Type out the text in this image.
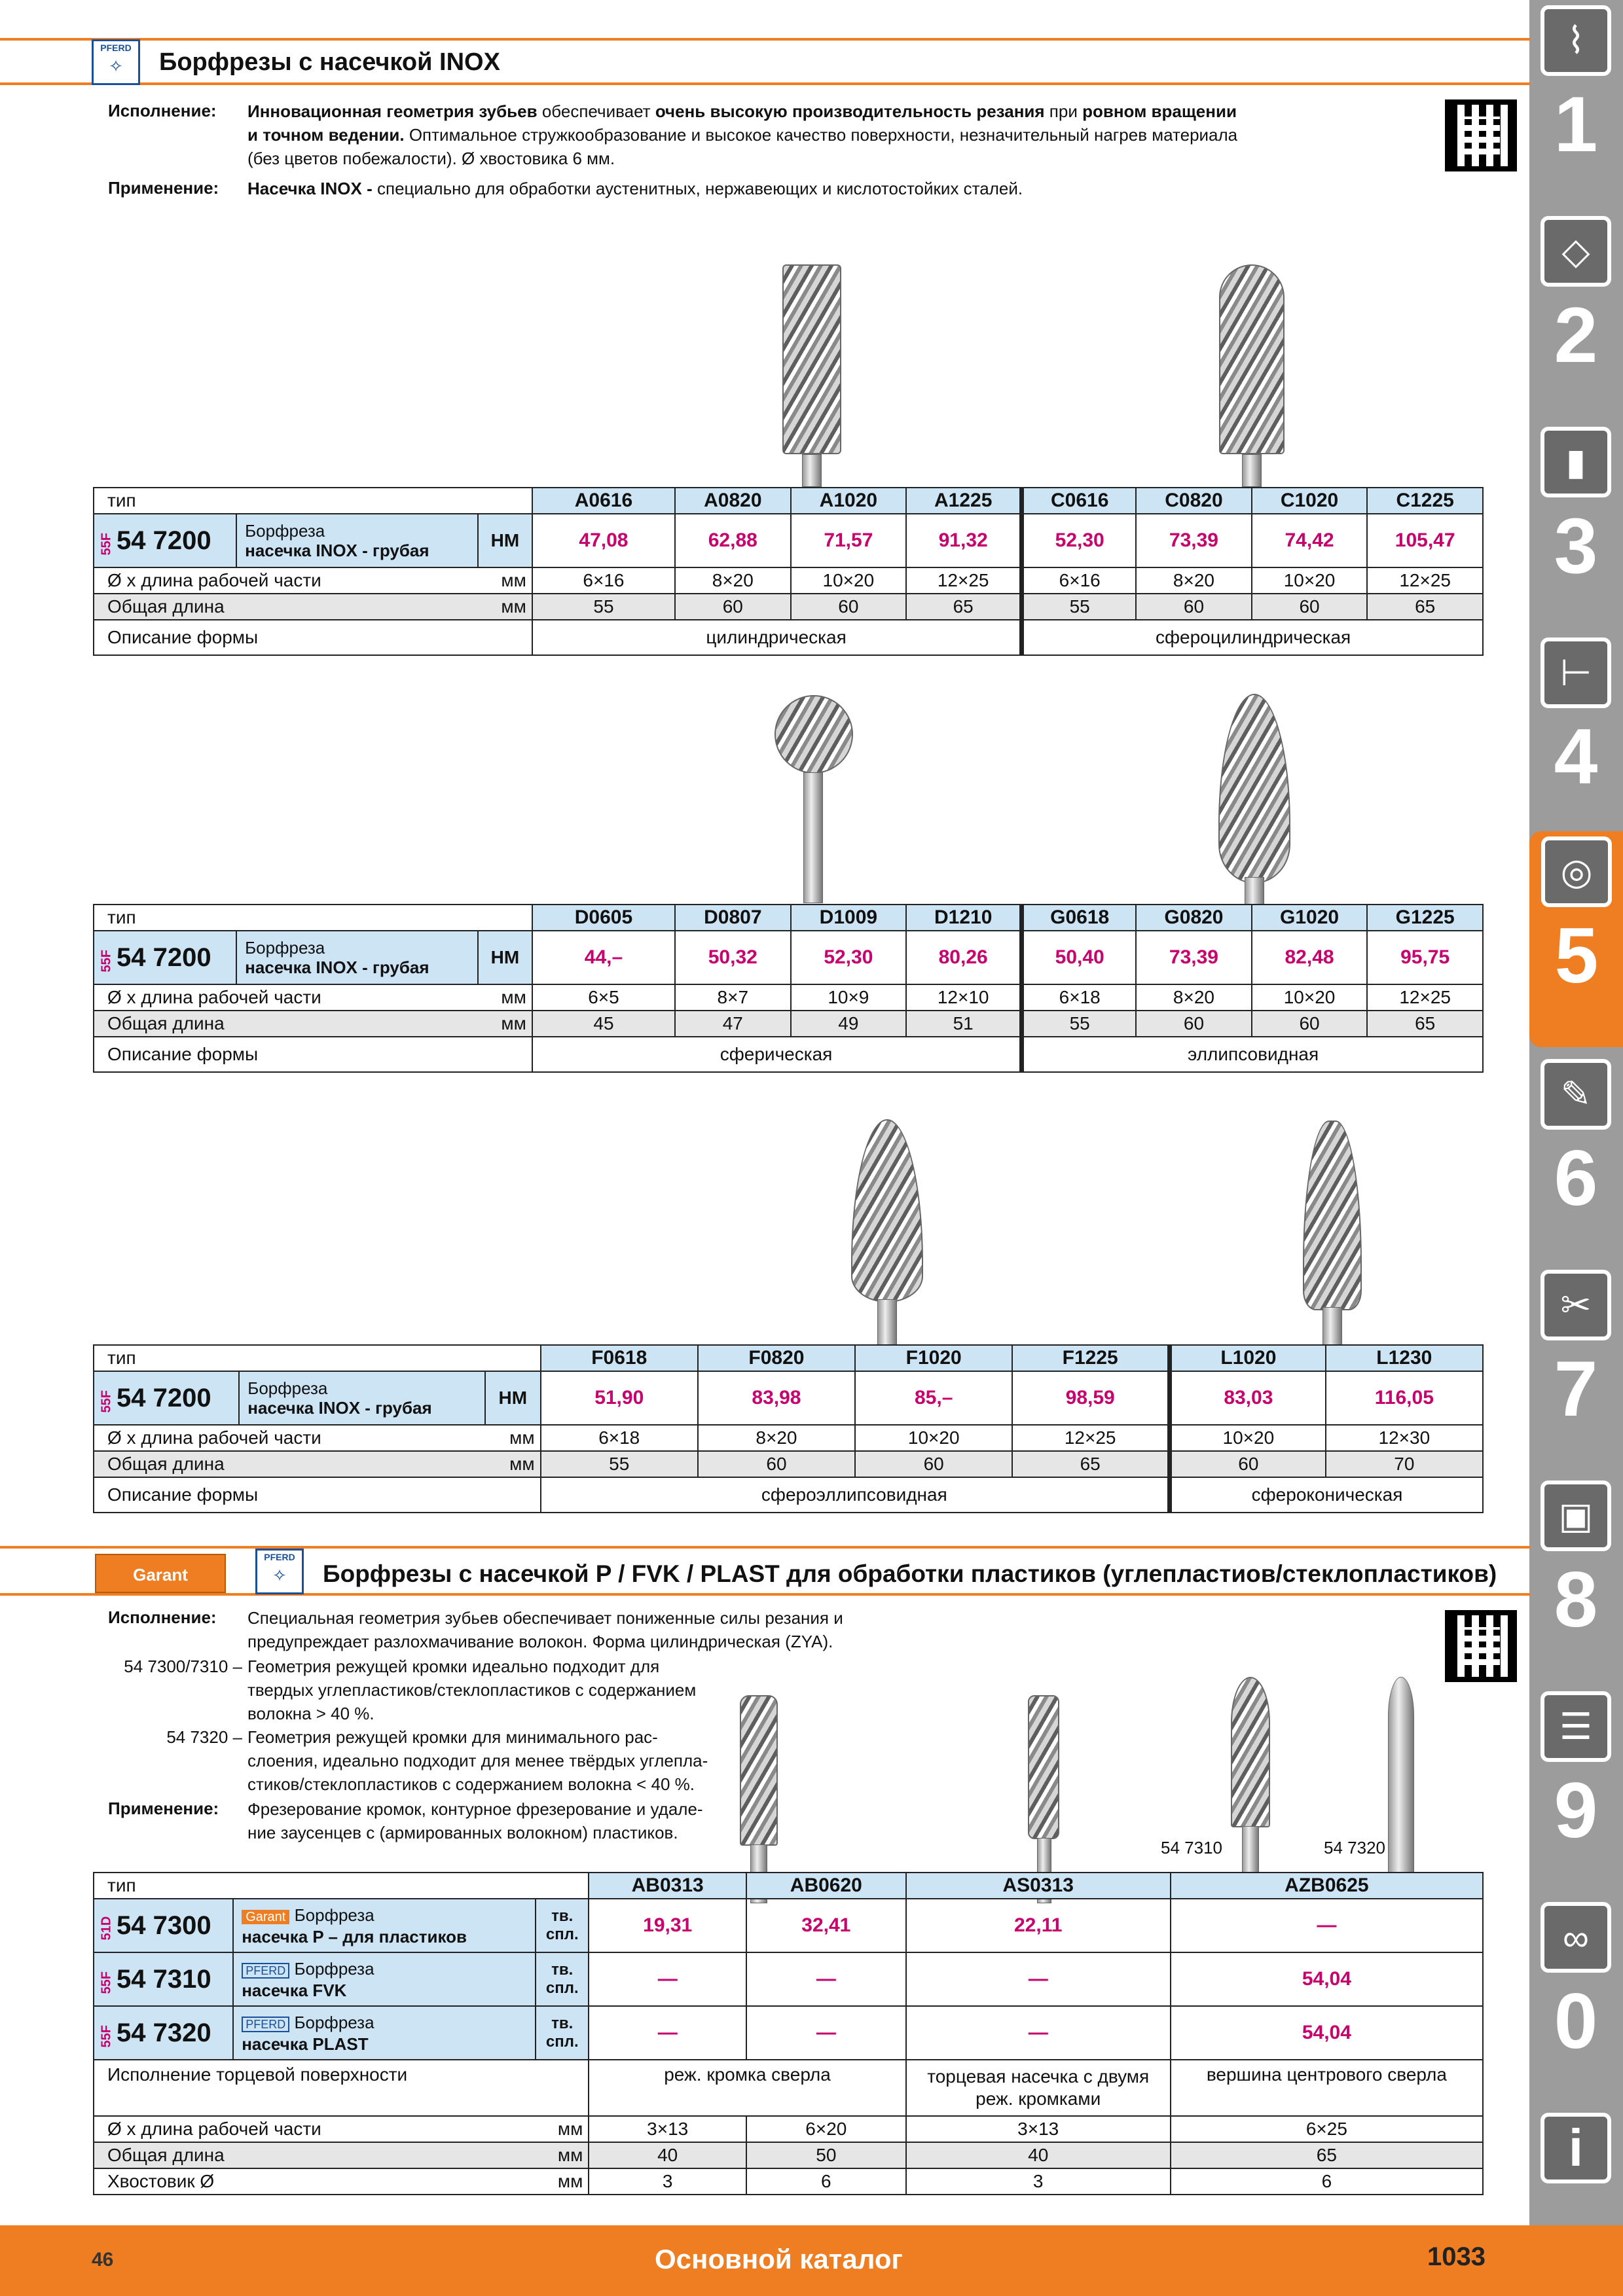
⌇
1
◇
2
▮
3
⊢
4
◎
5
✎
6
✂
7
▣
8
☰
9
∞
0
i
PFERD
✧	Борфрезы с насечкой INOX
Исполнение: Инновационная геометрия зубьев обеспечивает очень высокую производительность резания при ровном вращении
и точном ведении. Оптимальное стружкообразование и высокое качество поверхности, незначительный нагрев материала
(без цветов побежалости). Ø хвостовика 6 мм.
Применение: Насечка INOX - специально для обработки аустенитных, нержавеющих и кислотостойких сталей.
тип			A0616	A0820	A1020	A1225	C0616	C0820	C1020	C1225
55F 54 7200	Борфреза
насечка INOX - грубая	HM	47,08	62,88	71,57	91,32	52,30	73,39	74,42	105,47
Ø x длина рабочей части		мм	6×16	8×20	10×20	12×25	6×16	8×20	10×20	12×25
Общая длина		мм	55	60	60	65	55	60	60	65
Описание формы			цилиндрическая				сфероцилиндрическая			
тип			D0605	D0807	D1009	D1210	G0618	G0820	G1020	G1225
55F 54 7200	Борфреза
насечка INOX - грубая	HM	44,–	50,32	52,30	80,26	50,40	73,39	82,48	95,75
Ø x длина рабочей части		мм	6×5	8×7	10×9	12×10	6×18	8×20	10×20	12×25
Общая длина		мм	45	47	49	51	55	60	60	65
Описание формы			сферическая				эллипсовидная			
тип			F0618	F0820	F1020	F1225	L1020	L1230
55F 54 7200	Борфреза
насечка INOX - грубая	HM	51,90	83,98	85,–	98,59	83,03	116,05
Ø x длина рабочей части		мм	6×18	8×20	10×20	12×25	10×20	12×30
Общая длина		мм	55	60	60	65	60	70
Описание формы			сфероэллипсовидная				сфероконическая	
Garant
PFERD
✧	Борфрезы с насечкой P / FVK / PLAST для обработки пластиков (углепластиов/стеклопластиков)
Исполнение: Специальная геометрия зубьев обеспечивает пониженные силы резания и
предупреждает разлохмачивание волокон. Форма цилиндрическая (ZYA).
54 7300/7310 – Геометрия режущей кромки идеально подходит для
твердых углепластиков/стеклопластиков с содержанием
волокна > 40 %.
54 7320 – Геометрия режущей кромки для минимального рас-
слоения, идеально подходит для менее твёрдых углепла-
стиков/стеклопластиков с содержанием волокна < 40 %.
Применение: Фрезерование кромок, контурное фрезерование и удале-
ние заусенцев с (армированных волокном) пластиков.
54 7310	54 7320
тип			AB0313	AB0620	AS0313	AZB0625
51D 54 7300	Garant Борфреза
насечка P – для пластиков	тв.
спл.	19,31	32,41	22,11	—
55F 54 7310	PFERD Борфреза
насечка FVK	тв.
спл.	—	—	—	54,04
55F 54 7320	PFERD Борфреза
насечка PLAST	тв.
спл.	—	—	—	54,04
Исполнение торцевой поверхности			реж. кромка сверла		торцевая насечка с двумя реж. кромками	вершина центрового сверла
Ø x длина рабочей части		мм	3×13	6×20	3×13	6×25
Общая длина		мм	40	50	40	65
Хвостовик Ø		мм	3	6	3	6
46	Основной каталог	1033
